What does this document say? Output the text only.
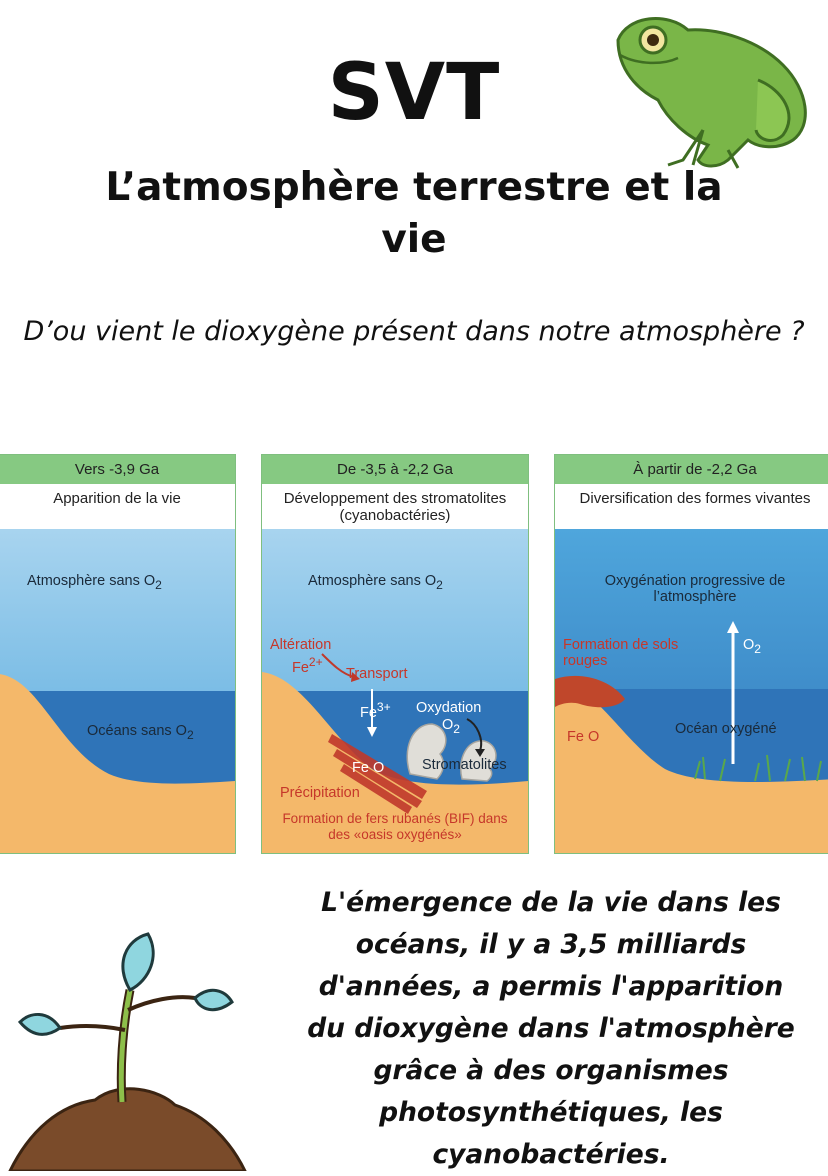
SVT
L’atmosphère terrestre et la vie
D’ou vient le dioxygène présent dans notre atmosphère ?
Vers -3,9 Ga
Apparition de la vie
Atmosphère sans $O_2$
Océans sans $O_2$
De -3,5 à -2,2 Ga
Développement des stromatolites (cyanobactéries)
Atmosphère sans $O_2$
Altération
$Fe^{2+}$
Transport
$Fe^{3+}$ Oxydation
$O_2$
Fe O	Stromatolites
Précipitation
Formation de fers rubanés (BIF) dans des «oasis oxygénés»
À partir de -2,2 Ga
Diversification des formes vivantes
Oxygénation progressive de l’atmosphère
Formation de sols rouges
$O_2$
Fe O	Océan oxygéné
L'émergence de la vie dans les océans, il y a 3,5 milliards d'années, a permis l'apparition du dioxygène dans l'atmosphère grâce à des organismes photosynthétiques, les cyanobactéries.
